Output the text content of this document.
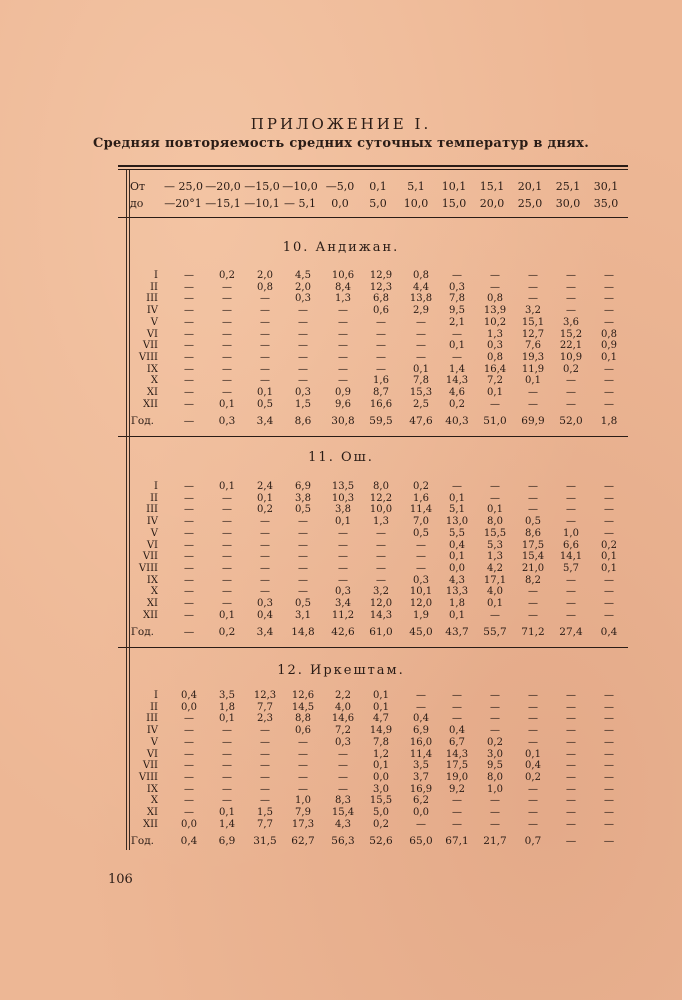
ПРИЛОЖЕНИЕ I.
Средняя повторяемость средних суточных температур в днях.
От — 25,0 —20,0 —15,0 —10,0 —5,0	0,1	5,1	10,1	15,1	20,1	25,1	30,1
до —20°1 —15,1 —10,1 — 5,1	0,0	5,0	10,0	15,0	20,0	25,0	30,0	35,0
10. Андижан.
I	—	0,2	2,0	4,5	10,6	12,9	0,8	—	—	—	—	—
II	—	—	0,8	2,0	8,4	12,3	4,4	0,3	—	—	—	—
III	—	—	—	0,3	1,3	6,8	13,8	7,8	0,8	—	—	—
IV	—	—	—	—	—	0,6	2,9	9,5	13,9	3,2	—	—
V	—	—	—	—	—	—	—	2,1	10,2	15,1	3,6	—
VI	—	—	—	—	—	—	—	—	1,3	12,7	15,2	0,8
VII	—	—	—	—	—	—	—	0,1	0,3	7,6	22,1	0,9
VIII	—	—	—	—	—	—	—	—	0,8	19,3	10,9	0,1
IX	—	—	—	—	—	—	0,1	1,4	16,4	11,9	0,2	—
X	—	—	—	—	—	1,6	7,8	14,3	7,2	0,1	—	—
XI	—	—	0,1	0,3	0,9	8,7	15,3	4,6	0,1	—	—	—
XII	—	0,1	0,5	1,5	9,6	16,6	2,5	0,2	—	—	—	—
Год.	—	0,3	3,4	8,6	30,8	59,5	47,6	40,3	51,0	69,9	52,0	1,8
11. Ош.
I	—	0,1	2,4	6,9	13,5	8,0	0,2	—	—	—	—	—
II	—	—	0,1	3,8	10,3	12,2	1,6	0,1	—	—	—	—
III	—	—	0,2	0,5	3,8	10,0	11,4	5,1	0,1	—	—	—
IV	—	—	—	—	0,1	1,3	7,0	13,0	8,0	0,5	—	—
V	—	—	—	—	—	—	0,5	5,5	15,5	8,6	1,0	—
VI	—	—	—	—	—	—	—	0,4	5,3	17,5	6,6	0,2
VII	—	—	—	—	—	—	—	0,1	1,3	15,4	14,1	0,1
VIII	—	—	—	—	—	—	—	0,0	4,2	21,0	5,7	0,1
IX	—	—	—	—	—	—	0,3	4,3	17,1	8,2	—	—
X	—	—	—	—	0,3	3,2	10,1	13,3	4,0	—	—	—
XI	—	—	0,3	0,5	3,4	12,0	12,0	1,8	0,1	—	—	—
XII	—	0,1	0,4	3,1	11,2	14,3	1,9	0,1	—	—	—	—
Год.	—	0,2	3,4	14,8	42,6	61,0	45,0	43,7	55,7	71,2	27,4	0,4
12. Иркештам.
I	0,4	3,5	12,3	12,6	2,2	0,1	—	—	—	—	—	—
II	0,0	1,8	7,7	14,5	4,0	0,1	—	—	—	—	—	—
III	—	0,1	2,3	8,8	14,6	4,7	0,4	—	—	—	—	—
IV	—	—	—	0,6	7,2	14,9	6,9	0,4	—	—	—	—
V	—	—	—	—	0,3	7,8	16,0	6,7	0,2	—	—	—
VI	—	—	—	—	—	1,2	11,4	14,3	3,0	0,1	—	—
VII	—	—	—	—	—	0,1	3,5	17,5	9,5	0,4	—	—
VIII	—	—	—	—	—	0,0	3,7	19,0	8,0	0,2	—	—
IX	—	—	—	—	—	3,0	16,9	9,2	1,0	—	—	—
X	—	—	—	1,0	8,3	15,5	6,2	—	—	—	—	—
XI	—	0,1	1,5	7,9	15,4	5,0	0,0	—	—	—	—	—
XII	0,0	1,4	7,7	17,3	4,3	0,2	—	—	—	—	—	—
Год.	0,4	6,9	31,5	62,7	56,3	52,6	65,0	67,1	21,7	0,7	—	—
106
